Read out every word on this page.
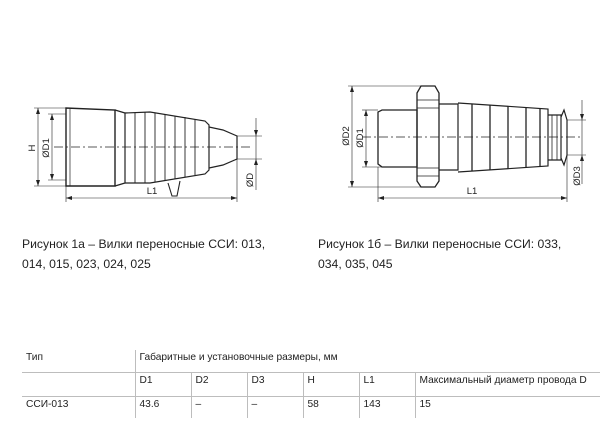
H ØD1
ØD
L1
ØD2 ØD1
ØD3
L1
Рисунок 1а – Вилки переносные ССИ: 013, 014, 015, 023, 024, 025
Рисунок 1б – Вилки переносные ССИ: 033, 034, 035, 045
Тип	Габаритные и установочные размеры, мм					
	D1	D2	D3	H	L1	Максимальный диаметр провода D
ССИ-013	43.6	–	–	58	143	15
